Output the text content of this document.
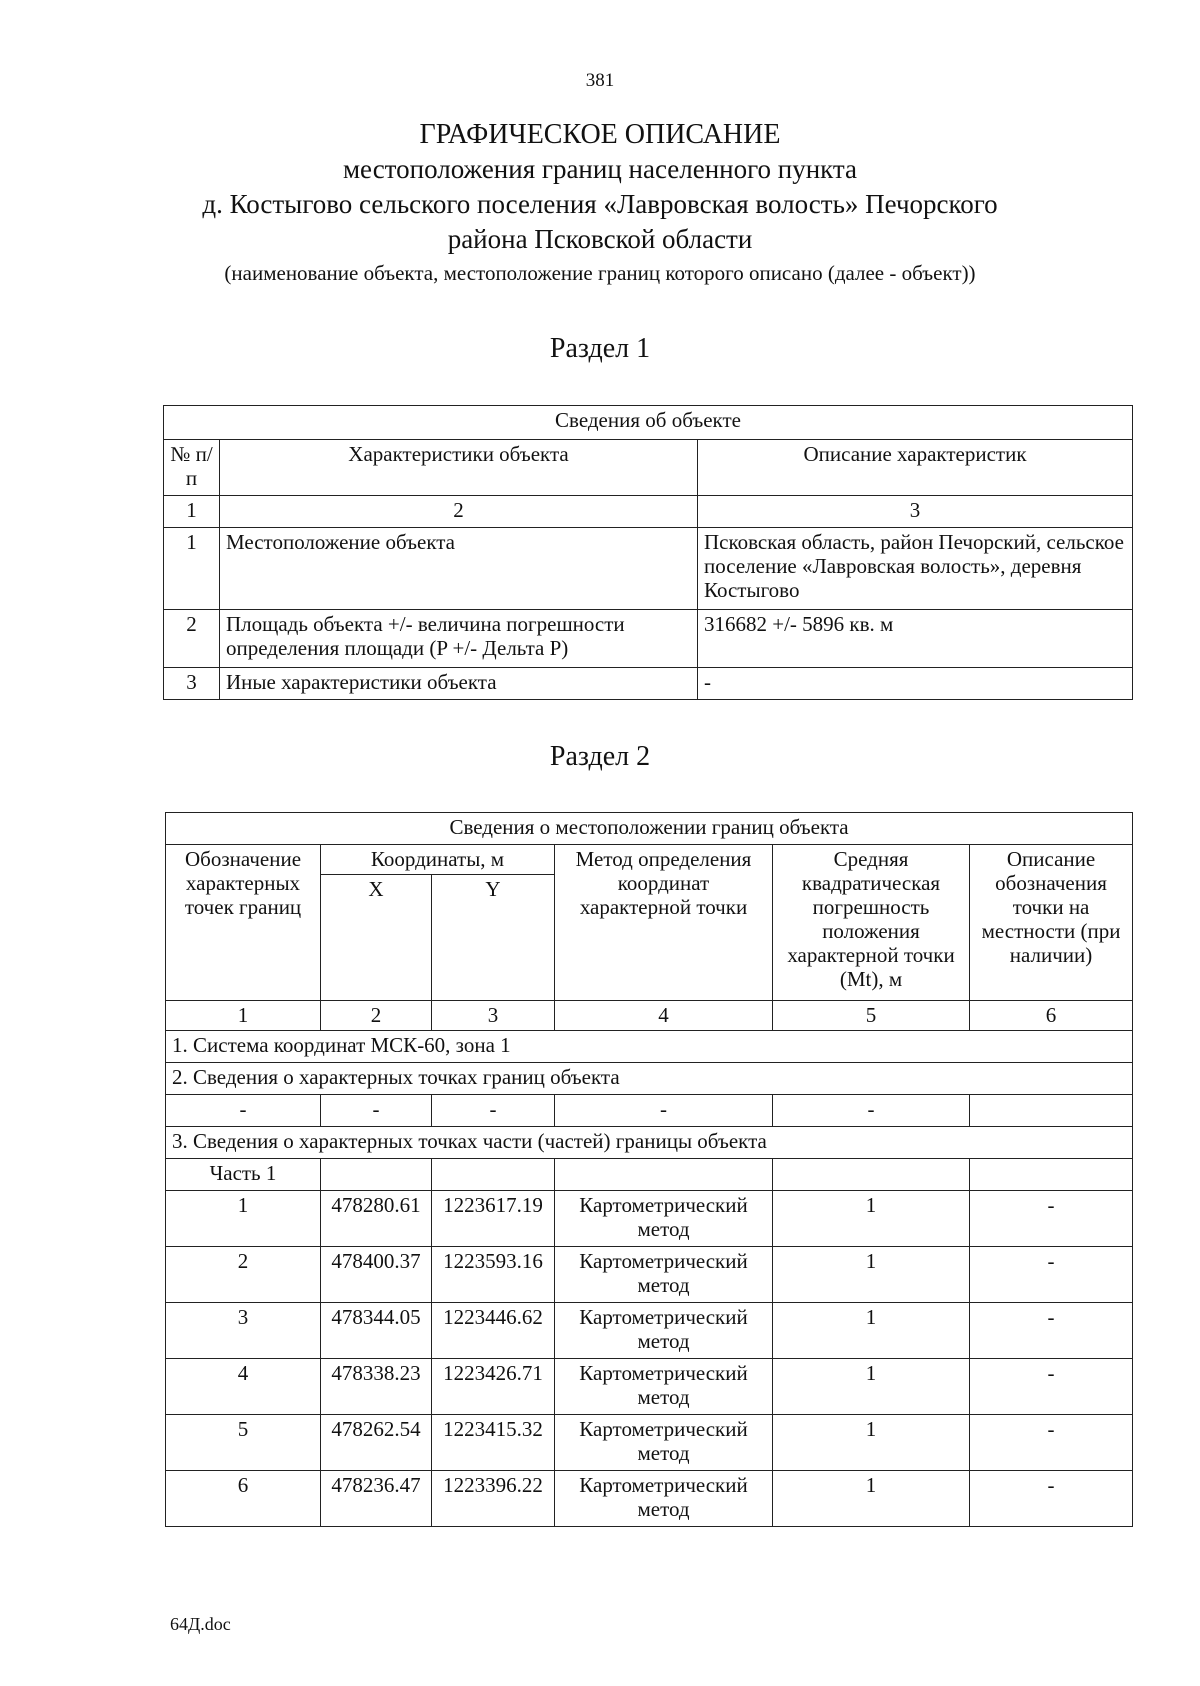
381
ГРАФИЧЕСКОЕ ОПИСАНИЕ
местоположения границ населенного пункта
д. Костыгово сельского поселения «Лавровская волость» Печорского
района Псковской области
(наименование объекта, местоположение границ которого описано (далее - объект))
Раздел 1
Сведения об объекте		
№ п/п	Характеристики объекта	Описание характеристик
1	2	3
1	Местоположение объекта	Псковская область, район Печорский, сельское поселение «Лавровская волость», деревня Костыгово
2	Площадь объекта +/- величина погрешности определения площади (P +/- Дельта P)	316682 +/- 5896 кв. м
3	Иные характеристики объекта	-
Раздел 2
Сведения о местоположении границ объекта					
Обозначение характерных точек границ	Координаты, м		Метод определения координат характерной точки	Средняя квадратическая погрешность положения характерной точки (Mt), м	Описание обозначения точки на местности (при наличии)
	X	Y			
1	2	3	4	5	6
1. Система координат МСК-60, зона 1					
2. Сведения о характерных точках границ объекта					
-	-	-	-	-	
3. Сведения о характерных точках части (частей) границы объекта					
Часть 1					
1	478280.61	1223617.19	Картометрический метод	1	-
2	478400.37	1223593.16	Картометрический метод	1	-
3	478344.05	1223446.62	Картометрический метод	1	-
4	478338.23	1223426.71	Картометрический метод	1	-
5	478262.54	1223415.32	Картометрический метод	1	-
6	478236.47	1223396.22	Картометрический метод	1	-
64Д.doc
